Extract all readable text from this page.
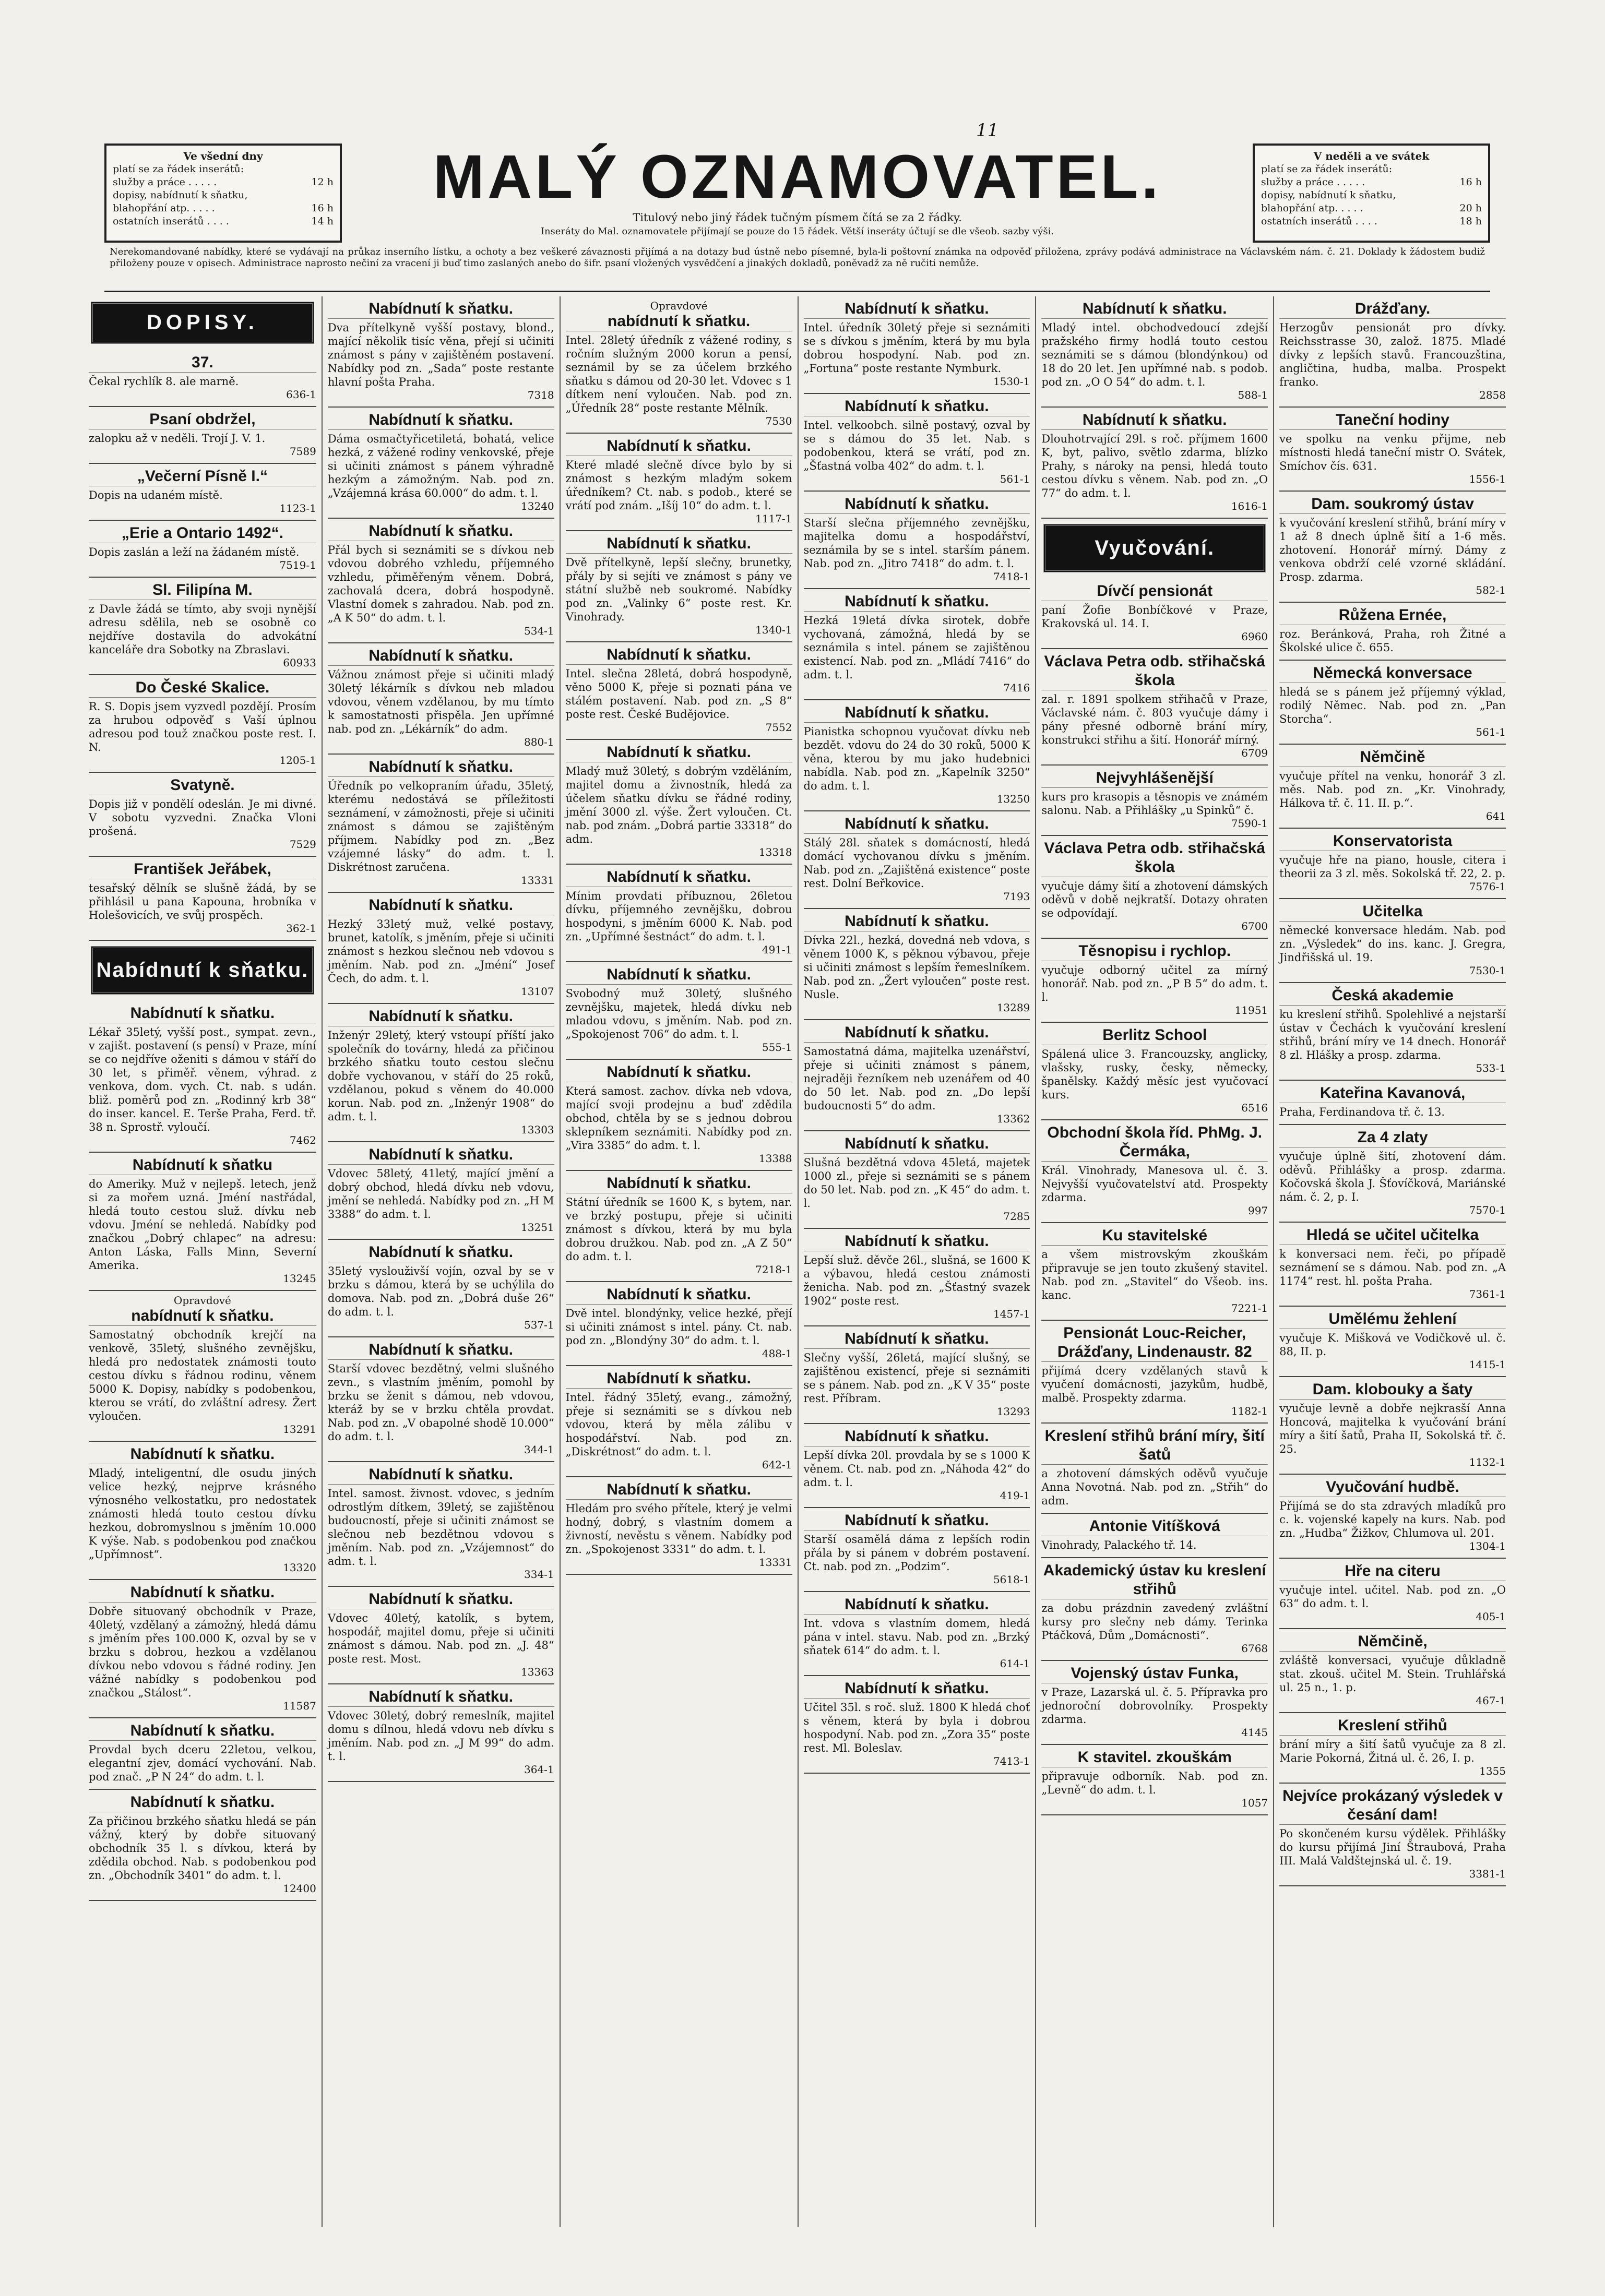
11
Ve všední dny
platí se za řádek inserátů:
služby a práce . . . . .	12 h
dopisy, nabídnutí k sňatku,
blahopřání atp. . . . .	16 h
ostatních inserátů . . . .	14 h
MALÝ OZNAMOVATEL.
Titulový nebo jiný řádek tučným písmem čítá se za 2 řádky.
Inseráty do Mal. oznamovatele přijímají se pouze do 15 řádek. Větší inseráty účtují se dle všeob. sazby výši.
V neděli a ve svátek
platí se za řádek inserátů:
služby a práce . . . . .	16 h
dopisy, nabídnutí k sňatku,
blahopřání atp. . . . .	20 h
ostatních inserátů . . . .	18 h
Nerekomandované nabídky, které se vydávají na průkaz inserního lístku, a ochoty a bez veškeré závaznosti přijímá a na dotazy bud ústně nebo písemné, byla-li poštovní známka na odpověď přiložena, zprávy podává administrace na Václavském nám. č. 21. Doklady k žádostem budiž přiloženy pouze v opisech. Administrace naprosto nečiní za vracení ji buď timo zaslaných anebo do šifr. psaní vložených vysvědčení a jinakých dokladů, poněvadž za ně ručiti nemůže.
DOPISY.
37.
Čekal rychlík 8. ale marně.
636-1
Psaní obdržel,
zalopku až v neděli. Trojí J. V. 1.
7589
„Večerní Písně I.“
Dopis na udaném místě.
1123-1
„Erie a Ontario 1492“.
Dopis zaslán a leží na žádaném místě.
7519-1
Sl. Filipína M.
z Davle žádá se tímto, aby svoji nynější adresu sdělila, neb se osobně co nejdříve dostavila do advokátní kanceláře dra Sobotky na Zbraslavi.
60933
Do České Skalice.
R. S. Dopis jsem vyzvedl pozdějí. Prosím za hrubou odpověď s Vaší úplnou adresou pod touž značkou poste rest. I. N.
1205-1
Svatyně.
Dopis již v pondělí odeslán. Je mi divné. V sobotu vyzvedni. Značka Vloni prošená.
7529
František Jeřábek,
tesařský dělník se slušně žádá, by se přihlásil u pana Kapouna, hrobníka v Holešovicích, ve svůj prospěch.
362-1
Nabídnutí k sňatku.
Nabídnutí k sňatku.
Lékař 35letý, vyšší post., sympat. zevn., v zajišt. postavení (s pensí) v Praze, míní se co nejdříve oženiti s dámou v stáří do 30 let, s přiměř. věnem, výhrad. z venkova, dom. vych. Ct. nab. s udán. bliž. poměrů pod zn. „Rodinný krb 38“ do inser. kancel. E. Terše Praha, Ferd. tř. 38 n. Sprostř. vyloučí.
7462
Nabídnutí k sňatku
do Ameriky. Muž v nejlepš. letech, jenž si za mořem uzná. Jméní nastřádal, hledá touto cestou služ. dívku neb vdovu. Jméní se nehledá. Nabídky pod značkou „Dobrý chlapec“ na adresu: Anton Láska, Falls Minn, Severní Amerika.
13245
Opravdové
nabídnutí k sňatku.
Samostatný obchodník krejčí na venkově, 35letý, slušného zevnějšku, hledá pro nedostatek známosti touto cestou dívku s řádnou rodinu, věnem 5000 K. Dopisy, nabídky s podobenkou, kterou se vrátí, do zvláštní adresy. Žert vyloučen.
13291
Nabídnutí k sňatku.
Mladý, inteligentní, dle osudu jiných velice hezký, nejprve krásného výnosného velkostatku, pro nedostatek známosti hledá touto cestou dívku hezkou, dobromyslnou s jměním 10.000 K výše. Nab. s podobenkou pod značkou „Upřímnost“.
13320
Nabídnutí k sňatku.
Dobře situovaný obchodník v Praze, 40letý, vzdělaný a zámožný, hledá dámu s jměním přes 100.000 K, ozval by se v brzku s dobrou, hezkou a vzdělanou dívkou nebo vdovou s řádné rodiny. Jen vážné nabídky s podobenkou pod značkou „Stálost“.
11587
Nabídnutí k sňatku.
Provdal bych dceru 22letou, velkou, elegantní zjev, domácí vychování. Nab. pod znač. „P N 24“ do adm. t. l.
Nabídnutí k sňatku.
Za přičinou brzkého sňatku hledá se pán vážný, který by dobře situovaný obchodník 35 l. s dívkou, která by zdědila obchod. Nab. s podobenkou pod zn. „Obchodník 3401“ do adm. t. l.
12400
Nabídnutí k sňatku.
Dva přítelkyně vyšší postavy, blond., mající několik tisíc věna, přejí si učiniti známost s pány v zajištěném postavení. Nabídky pod zn. „Sada“ poste restante hlavní pošta Praha.
7318
Nabídnutí k sňatku.
Dáma osmačtyřicetiletá, bohatá, velice hezká, z vážené rodiny venkovské, přeje si učiniti známost s pánem výhradně hezkým a zámožným. Nab. pod zn. „Vzájemná krása 60.000“ do adm. t. l.
13240
Nabídnutí k sňatku.
Přál bych si seznámiti se s dívkou neb vdovou dobrého vzhledu, příjemného vzhledu, přiměřeným věnem. Dobrá, zachovalá dcera, dobrá hospodyně. Vlastní domek s zahradou. Nab. pod zn. „A K 50“ do adm. t. l.
534-1
Nabídnutí k sňatku.
Vážnou známost přeje si učiniti mladý 30letý lékárník s dívkou neb mladou vdovou, věnem vzdělanou, by mu tímto k samostatnosti přispěla. Jen upřímné nab. pod zn. „Lékárník“ do adm.
880-1
Nabídnutí k sňatku.
Úředník po velkopraním úřadu, 35letý, kterému nedostává se příležitosti seznámení, v zámožnosti, přeje si učiniti známost s dámou se zajištěným příjmem. Nabídky pod zn. „Bez vzájemné lásky“ do adm. t. l. Diskrétnost zaručena.
13331
Nabídnutí k sňatku.
Hezký 33letý muž, velké postavy, brunet, katolík, s jměním, přeje si učiniti známost s hezkou slečnou neb vdovou s jměním. Nab. pod zn. „Jméní“ Josef Čech, do adm. t. l.
13107
Nabídnutí k sňatku.
Inženýr 29letý, který vstoupí příští jako společník do továrny, hledá za přičinou brzkého sňatku touto cestou slečnu dobře vychovanou, v stáří do 25 roků, vzdělanou, pokud s věnem do 40.000 korun. Nab. pod zn. „Inženýr 1908“ do adm. t. l.
13303
Nabídnutí k sňatku.
Vdovec 58letý, 41letý, mající jmění a dobrý obchod, hledá dívku neb vdovu, jmění se nehledá. Nabídky pod zn. „H M 3388“ do adm. t. l.
13251
Nabídnutí k sňatku.
35letý vyslouživší vojín, ozval by se v brzku s dámou, která by se uchýlila do domova. Nab. pod zn. „Dobrá duše 26“ do adm. t. l.
537-1
Nabídnutí k sňatku.
Starší vdovec bezdětný, velmi slušného zevn., s vlastním jměním, pomohl by brzku se ženit s dámou, neb vdovou, kteráž by se v brzku chtěla provdat. Nab. pod zn. „V obapolné shodě 10.000“ do adm. t. l.
344-1
Nabídnutí k sňatku.
Intel. samost. živnost. vdovec, s jedním odrostlým dítkem, 39letý, se zajištěnou budoucností, přeje si učiniti známost se slečnou neb bezdětnou vdovou s jměním. Nab. pod zn. „Vzájemnost“ do adm. t. l.
334-1
Nabídnutí k sňatku.
Vdovec 40letý, katolík, s bytem, hospodář, majitel domu, přeje si učiniti známost s dámou. Nab. pod zn. „J. 48“ poste rest. Most.
13363
Nabídnutí k sňatku.
Vdovec 30letý, dobrý remeslník, majitel domu s dílnou, hledá vdovu neb dívku s jměním. Nab. pod zn. „J M 99“ do adm. t. l.
364-1
Opravdové
nabídnutí k sňatku.
Intel. 28letý úředník z vážené rodiny, s ročním služným 2000 korun a pensí, seznámil by se za účelem brzkého sňatku s dámou od 20-30 let. Vdovec s 1 dítkem není vyloučen. Nab. pod zn. „Úředník 28“ poste restante Mělník.
7530
Nabídnutí k sňatku.
Které mladé slečně dívce bylo by si známost s hezkým mladým sokem úředníkem? Ct. nab. s podob., které se vrátí pod znám. „Išíj 10“ do adm. t. l.
1117-1
Nabídnutí k sňatku.
Dvě přítelkyně, lepší slečny, brunetky, přály by si sejíti ve známost s pány ve státní službě neb soukromé. Nabídky pod zn. „Valinky 6“ poste rest. Kr. Vinohrady.
1340-1
Nabídnutí k sňatku.
Intel. slečna 28letá, dobrá hospodyně, věno 5000 K, přeje si poznati pána ve stálém postavení. Nab. pod zn. „S 8“ poste rest. České Budějovice.
7552
Nabídnutí k sňatku.
Mladý muž 30letý, s dobrým vzděláním, majitel domu a živnostník, hledá za účelem sňatku dívku se řádné rodiny, jmění 3000 zl. výše. Žert vyloučen. Ct. nab. pod znám. „Dobrá partie 33318“ do adm.
13318
Nabídnutí k sňatku.
Mínim provdati příbuznou, 26letou dívku, příjemného zevnějšku, dobrou hospodyni, s jměním 6000 K. Nab. pod zn. „Upřímné šestnáct“ do adm. t. l.
491-1
Nabídnutí k sňatku.
Svobodný muž 30letý, slušného zevnějšku, majetek, hledá dívku neb mladou vdovu, s jměním. Nab. pod zn. „Spokojenost 706“ do adm. t. l.
555-1
Nabídnutí k sňatku.
Která samost. zachov. dívka neb vdova, mající svoji prodejnu a buď zdědila obchod, chtěla by se s jednou dobrou sklepníkem seznámiti. Nabídky pod zn. „Vira 3385“ do adm. t. l.
13388
Nabídnutí k sňatku.
Státní úředník se 1600 K, s bytem, nar. ve brzký postupu, přeje si učiniti známost s dívkou, která by mu byla dobrou družkou. Nab. pod zn. „A Z 50“ do adm. t. l.
7218-1
Nabídnutí k sňatku.
Dvě intel. blondýnky, velice hezké, přejí si učiniti známost s intel. pány. Ct. nab. pod zn. „Blondýny 30“ do adm. t. l.
488-1
Nabídnutí k sňatku.
Intel. řádný 35letý, evang., zámožný, přeje si seznámiti se s dívkou neb vdovou, která by měla zálibu v hospodářství. Nab. pod zn. „Diskrétnost“ do adm. t. l.
642-1
Nabídnutí k sňatku.
Hledám pro svého přítele, který je velmi hodný, dobrý, s vlastním domem a živností, nevěstu s věnem. Nabídky pod zn. „Spokojenost 3331“ do adm. t. l.
13331
Nabídnutí k sňatku.
Intel. úředník 30letý přeje si seznámiti se s dívkou s jměním, která by mu byla dobrou hospodyní. Nab. pod zn. „Fortuna“ poste restante Nymburk.
1530-1
Nabídnutí k sňatku.
Intel. velkoobch. silně postavý, ozval by se s dámou do 35 let. Nab. s podobenkou, která se vrátí, pod zn. „Šťastná volba 402“ do adm. t. l.
561-1
Nabídnutí k sňatku.
Starší slečna příjemného zevnějšku, majitelka domu a hospodářství, seznámila by se s intel. starším pánem. Nab. pod zn. „Jitro 7418“ do adm. t. l.
7418-1
Nabídnutí k sňatku.
Hezká 19letá dívka sirotek, dobře vychovaná, zámožná, hledá by se seznámila s intel. pánem se zajištěnou existencí. Nab. pod zn. „Mládí 7416“ do adm. t. l.
7416
Nabídnutí k sňatku.
Pianistka schopnou vyučovat dívku neb bezdět. vdovu do 24 do 30 roků, 5000 K věna, kterou by mu jako hudebnici nabídla. Nab. pod zn. „Kapelník 3250“ do adm. t. l.
13250
Nabídnutí k sňatku.
Stálý 28l. sňatek s domácností, hledá domácí vychovanou dívku s jměním. Nab. pod zn. „Zajištěná existence“ poste rest. Dolní Beřkovice.
7193
Nabídnutí k sňatku.
Dívka 22l., hezká, dovedná neb vdova, s věnem 1000 K, s pěknou výbavou, přeje si učiniti známost s lepším řemeslníkem. Nab. pod zn. „Žert vyloučen“ poste rest. Nusle.
13289
Nabídnutí k sňatku.
Samostatná dáma, majitelka uzenářství, přeje si učiniti známost s pánem, nejraději řezníkem neb uzenářem od 40 do 50 let. Nab. pod zn. „Do lepší budoucnosti 5“ do adm.
13362
Nabídnutí k sňatku.
Slušná bezdětná vdova 45letá, majetek 1000 zl., přeje si seznámiti se s pánem do 50 let. Nab. pod zn. „K 45“ do adm. t. l.
7285
Nabídnutí k sňatku.
Lepší služ. děvče 26l., slušná, se 1600 K a výbavou, hledá cestou známosti ženicha. Nab. pod zn. „Šťastný svazek 1902“ poste rest.
1457-1
Nabídnutí k sňatku.
Slečny vyšší, 26letá, mající slušný, se zajištěnou existencí, přeje si seznámiti se s pánem. Nab. pod zn. „K V 35“ poste rest. Příbram.
13293
Nabídnutí k sňatku.
Lepší dívka 20l. provdala by se s 1000 K věnem. Ct. nab. pod zn. „Náhoda 42“ do adm. t. l.
419-1
Nabídnutí k sňatku.
Starší osamělá dáma z lepších rodin přála by si pánem v dobrém postavení. Ct. nab. pod zn. „Podzim“.
5618-1
Nabídnutí k sňatku.
Int. vdova s vlastním domem, hledá pána v intel. stavu. Nab. pod zn. „Brzký sňatek 614“ do adm. t. l.
614-1
Nabídnutí k sňatku.
Učitel 35l. s roč. služ. 1800 K hledá choť s věnem, která by byla i dobrou hospodyní. Nab. pod zn. „Zora 35“ poste rest. Ml. Boleslav.
7413-1
Nabídnutí k sňatku.
Mladý intel. obchodvedoucí zdejší pražského firmy hodlá touto cestou seznámiti se s dámou (blondýnkou) od 18 do 20 let. Jen upřímné nab. s podob. pod zn. „O O 54“ do adm. t. l.
588-1
Nabídnutí k sňatku.
Dlouhotrvající 29l. s roč. příjmem 1600 K, byt, palivo, světlo zdarma, blízko Prahy, s nároky na pensi, hledá touto cestou dívku s věnem. Nab. pod zn. „O 77“ do adm. t. l.
1616-1
Vyučování.
Dívčí pensionát
paní Žofie Bonbíčkové v Praze, Krakovská ul. 14. I.
6960
Václava Petra odb. střihačská škola
zal. r. 1891 spolkem střihačů v Praze, Václavské nám. č. 803 vyučuje dámy i pány přesné odborně brání míry, konstrukci střihu a šití. Honorář mírný.
6709
Nejvyhlášenější
kurs pro krasopis a těsnopis ve známém salonu. Nab. a Přihlášky „u Spinků“ č.
7590-1
Václava Petra odb. střihačská škola
vyučuje dámy šití a zhotovení dámských oděvů v době nejkratší. Dotazy ohraten se odpovídají.
6700
Těsnopisu i rychlop.
vyučuje odborný učitel za mírný honorář. Nab. pod zn. „P B 5“ do adm. t. l.
11951
Berlitz School
Spálená ulice 3. Francouzsky, anglicky, vlašsky, rusky, česky, německy, španělsky. Každý měsíc jest vyučovací kurs.
6516
Obchodní škola říd. PhMg. J. Čermáka,
Král. Vinohrady, Manesova ul. č. 3. Nejvyšší vyučovatelství atd. Prospekty zdarma.
997
Ku stavitelské
a všem mistrovským zkouškám připravuje se jen touto zkušený stavitel. Nab. pod zn. „Stavitel“ do Všeob. ins. kanc.
7221-1
Pensionát Louc-Reicher, Drážďany, Lindenaustr. 82
přijímá dcery vzdělaných stavů k vyučení domácnosti, jazykům, hudbě, malbě. Prospekty zdarma.
1182-1
Kreslení střihů brání míry, šití šatů
a zhotovení dámských oděvů vyučuje Anna Novotná. Nab. pod zn. „Střih“ do adm.
Antonie Vitíšková
Vinohrady, Palackého tř. 14.
Akademický ústav ku kreslení střihů
za dobu prázdnin zavedený zvláštní kursy pro slečny neb dámy. Terinka Ptáčková, Dům „Domácnosti“.
6768
Vojenský ústav Funka,
v Praze, Lazarská ul. č. 5. Přípravka pro jednoroční dobrovolníky. Prospekty zdarma.
4145
K stavitel. zkouškám
připravuje odborník. Nab. pod zn. „Levně“ do adm. t. l.
1057
Drážďany.
Herzogův pensionát pro dívky. Reichsstrasse 30, založ. 1875. Mladé dívky z lepších stavů. Francouzština, angličtina, hudba, malba. Prospekt franko.
2858
Taneční hodiny
ve spolku na venku přijme, neb místnosti hledá taneční mistr O. Svátek, Smíchov čís. 631.
1556-1
Dam. soukromý ústav
k vyučování kreslení střihů, brání míry v 1 až 8 dnech úplně šití a 1-6 měs. zhotovení. Honorář mírný. Dámy z venkova obdrží celé vzorné skládání. Prosp. zdarma.
582-1
Růžena Ernée,
roz. Beránková, Praha, roh Žitné a Školské ulice č. 655.
Německá konversace
hledá se s pánem jež příjemný výklad, rodilý Němec. Nab. pod zn. „Pan Storcha“.
561-1
Němčině
vyučuje přítel na venku, honorář 3 zl. měs. Nab. pod zn. „Kr. Vinohrady, Hálkova tř. č. 11. II. p.“.
641
Konservatorista
vyučuje hře na piano, housle, citera i theorii za 3 zl. měs. Sokolská tř. 22, 2. p.
7576-1
Učitelka
německé konversace hledám. Nab. pod zn. „Výsledek“ do ins. kanc. J. Gregra, Jindřišská ul. 19.
7530-1
Česká akademie
ku kreslení střihů. Spolehlivé a nejstarší ústav v Čechách k vyučování kreslení střihů, brání míry ve 14 dnech. Honorář 8 zl. Hlášky a prosp. zdarma.
533-1
Kateřina Kavanová,
Praha, Ferdinandova tř. č. 13.
Za 4 zlaty
vyučuje úplně šití, zhotovení dám. oděvů. Přihlášky a prosp. zdarma. Kočovská škola J. Šťovíčková, Mariánské nám. č. 2, p. I.
7570-1
Hledá se učitel učitelka
k konversaci nem. řeči, po případě seznámení se s dámou. Nab. pod zn. „A 1174“ rest. hl. pošta Praha.
7361-1
Umělému žehlení
vyučuje K. Mišková ve Vodičkově ul. č. 88, II. p.
1415-1
Dam. klobouky a šaty
vyučuje levně a dobře nejkrasší Anna Honcová, majitelka k vyučování brání míry a šití šatů, Praha II, Sokolská tř. č. 25.
1132-1
Vyučování hudbě.
Přijímá se do sta zdravých mladíků pro c. k. vojenské kapely na kurs. Nab. pod zn. „Hudba“ Žižkov, Chlumova ul. 201.
1304-1
Hře na citeru
vyučuje intel. učitel. Nab. pod zn. „O 63“ do adm. t. l.
405-1
Němčině,
zvláště konversaci, vyučuje důkladně stat. zkouš. učitel M. Stein. Truhlářská ul. 25 n., 1. p.
467-1
Kreslení střihů
brání míry a šití šatů vyučuje za 8 zl. Marie Pokorná, Žitná ul. č. 26, I. p.
1355
Nejvíce prokázaný výsledek v česání dam!
Po skončeném kursu výdělek. Přihlášky do kursu přijímá Jiní Štraubová, Praha III. Malá Valdštejnská ul. č. 19.
3381-1
